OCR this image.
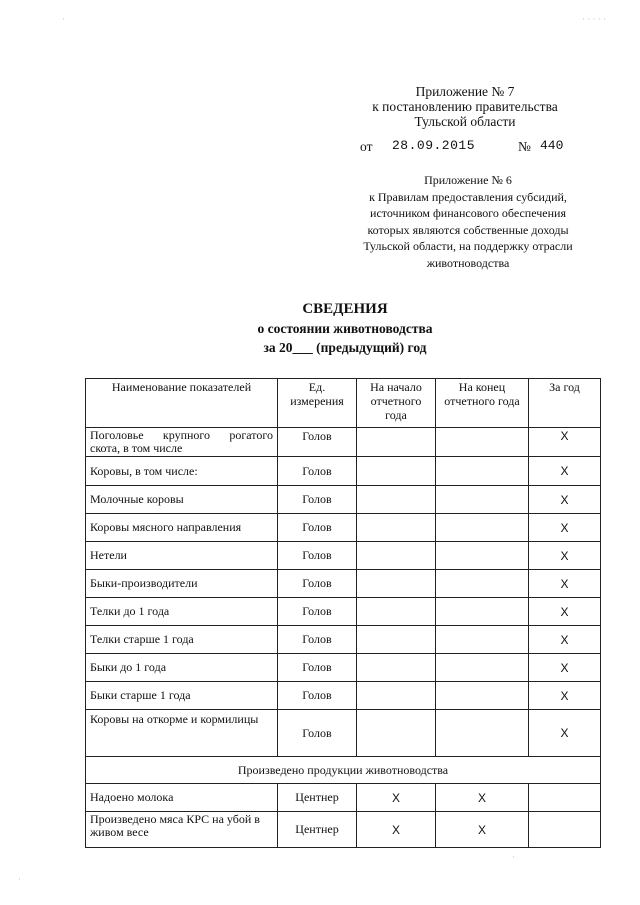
·	· · · · ·
Приложение № 7
к постановлению правительства
Тульской области
от 28.09.2015	№ 440
Приложение № 6
к Правилам предоставления субсидий,
источником финансового обеспечения
которых являются собственные доходы
Тульской области, на поддержку отрасли
животноводства
СВЕДЕНИЯ
о состоянии животноводства
за 20___ (предыдущий) год
Наименование показателей	Ед. измерения	На начало отчетного года	На конец отчетного года	За год
Поголовье крупного рогатого скота, в том числе	Голов			Х
Коровы, в том числе:	Голов			Х
Молочные коровы	Голов			Х
Коровы мясного направления	Голов			Х
Нетели	Голов			Х
Быки-производители	Голов			Х
Телки до 1 года	Голов			Х
Телки старше 1 года	Голов			Х
Быки до 1 года	Голов			Х
Быки старше 1 года	Голов			Х
Коровы на откорме и кормилицы	Голов			Х
Произведено продукции животноводства				
Надоено молока	Центнер	Х	Х	
Произведено мяса КРС на убой в живом весе	Центнер	Х	Х	
·
·
